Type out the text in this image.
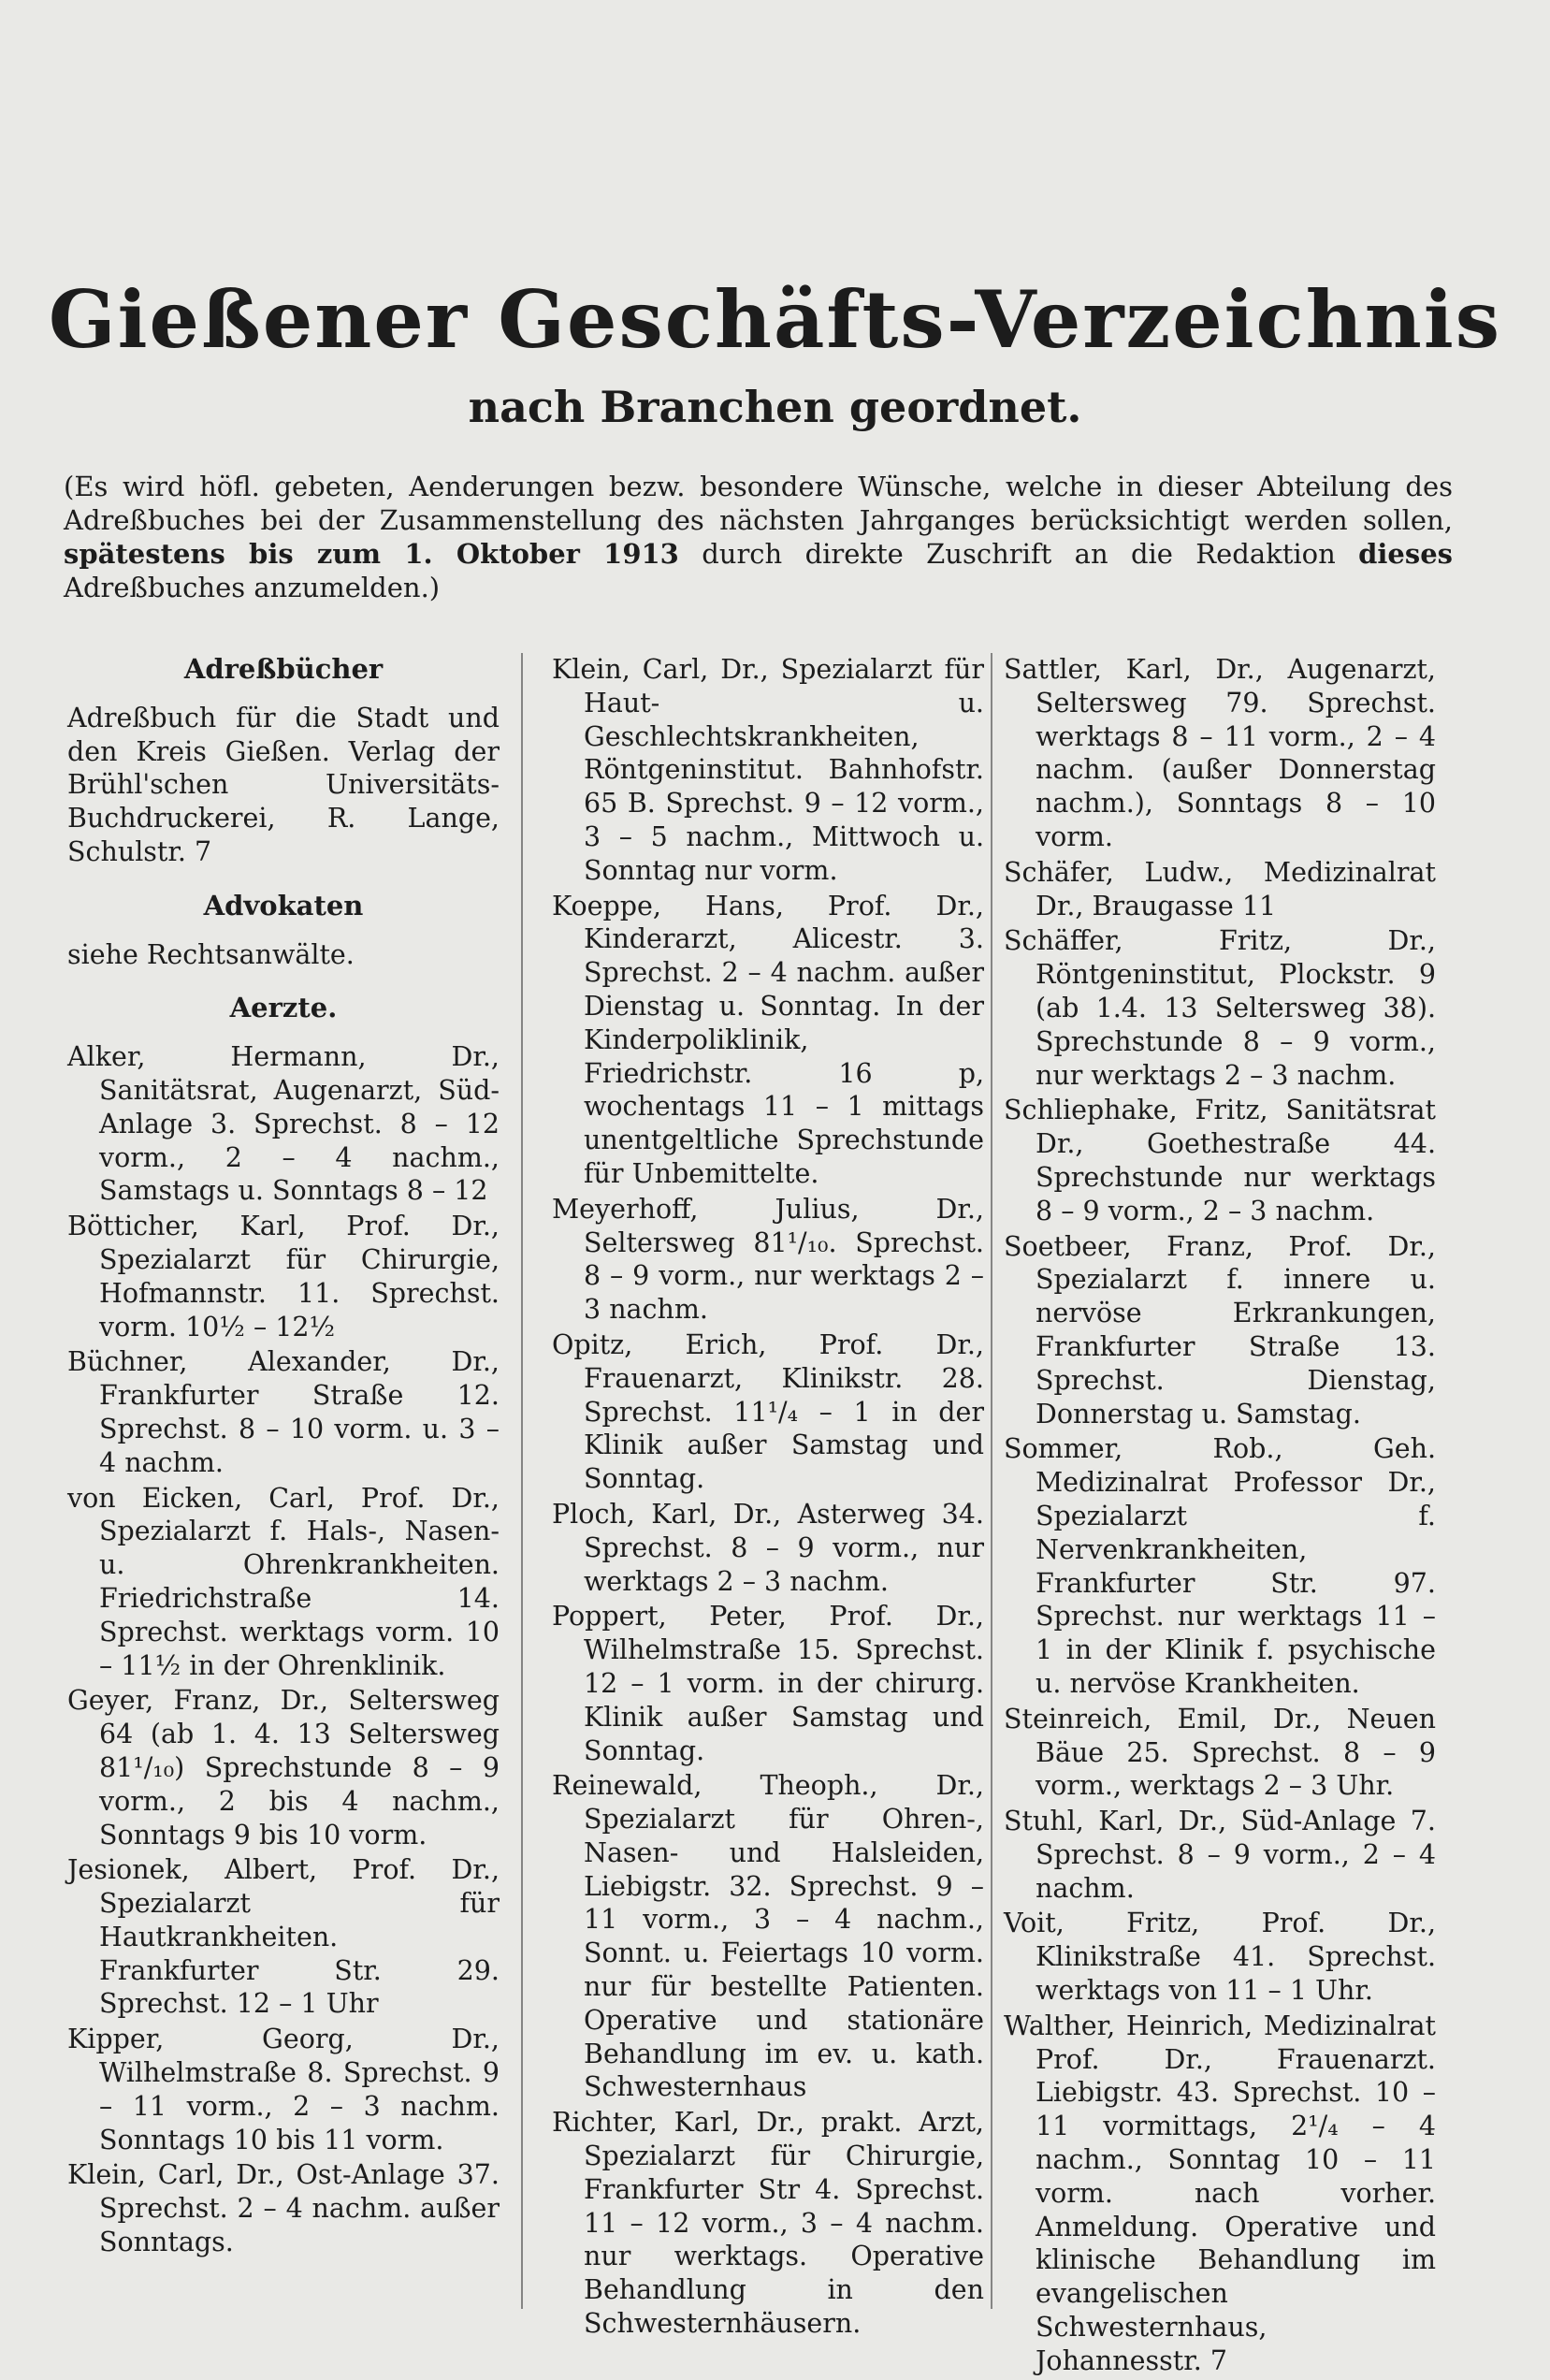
Gießener Geschäfts-Verzeichnis
nach Branchen geordnet.

(Es wird höfl. gebeten, Aenderungen bezw. besondere Wünsche, welche in dieser Abteilung des Adreßbuches bei der Zusammenstellung des nächsten Jahrganges berücksichtigt werden sollen, spätestens bis zum 1. Oktober 1913 durch direkte Zuschrift an die Redaktion dieses Adreßbuches anzumelden.)

Adreßbücher
Adreßbuch für die Stadt und den Kreis Gießen. Verlag der Brühl'schen Universitäts-Buchdruckerei, R. Lange, Schulstr. 7
Advokaten
siehe Rechtsanwälte.
Aerzte.
Alker, Hermann, Dr., Sanitätsrat, Augenarzt, Süd-Anlage 3. Sprechst. 8 – 12 vorm., 2 – 4 nachm., Samstags u. Sonntags 8 – 12
Böttiche​r, Karl, Prof. Dr., Spezialarzt für Chirurgie, Hofmannstr. 11. Sprechst. vorm. 10½ – 12½
Büchner, Alexander, Dr., Frankfurter Straße 12. Sprechst. 8 – 10 vorm. u. 3 – 4 nachm.
von Eicken, Carl, Prof. Dr., Spezialarzt f. Hals-, Nasen- u. Ohrenkrankheiten. Friedrichstraße 14. Sprechst. werktags vorm. 10 – 11½ in der Ohrenklinik.
Geyer, Franz, Dr., Seltersweg 64 (ab 1. 4. 13 Seltersweg 81¹/₁₀) Sprechstunde 8 – 9 vorm., 2 bis 4 nachm., Sonntags 9 bis 10 vorm.
Jesionek, Albert, Prof. Dr., Spezialarzt für Hautkrankheiten. Frankfurter Str. 29. Sprechst. 12 – 1 Uhr
Kipper, Georg, Dr., Wilhelmstraße 8. Sprechst. 9 – 11 vorm., 2 – 3 nachm. Sonntags 10 bis 11 vorm.
Klein, Carl, Dr., Ost-Anlage 37. Sprechst. 2 – 4 nachm. außer Sonntags.
Klein, Carl, Dr., Spezialarzt für Haut- u. Geschlechtskrankheiten, Röntgeninstitut. Bahnhofstr. 65 B. Sprechst. 9 – 12 vorm., 3 – 5 nachm., Mittwoch u. Sonntag nur vorm.
Koeppe, Hans, Prof. Dr., Kinderarzt, Alicestr. 3. Sprechst. 2 – 4 nachm. außer Dienstag u. Sonntag. In der Kinderpoliklinik, Friedrichstr. 16 p, wochentags 11 – 1 mittags unentgeltliche Sprechstunde für Unbemittelte.
Meyerhoff, Julius, Dr., Seltersweg 81¹/₁₀. Sprechst. 8 – 9 vorm., nur werktags 2 – 3 nachm.
Opitz, Erich, Prof. Dr., Frauenarzt, Klinikstr. 28. Sprechst. 11¹/₄ – 1 in der Klinik außer Samstag und Sonntag.
Ploch, Karl, Dr., Asterweg 34. Sprechst. 8 – 9 vorm., nur werktags 2 – 3 nachm.
Poppert, Peter, Prof. Dr., Wilhelmstraße 15. Sprechst. 12 – 1 vorm. in der chirurg. Klinik außer Samstag und Sonntag.
Reinewald, Theoph., Dr., Spezialarzt für Ohren-, Nasen- und Halsleiden, Liebigstr. 32. Sprechst. 9 – 11 vorm., 3 – 4 nachm., Sonnt. u. Feiertags 10 vorm. nur für bestellte Patienten. Operative und stationäre Behandlung im ev. u. kath. Schwesternhaus
Richter, Karl, Dr., prakt. Arzt, Spezialarzt für Chirurgie, Frankfurter Str 4. Sprechst. 11 – 12 vorm., 3 – 4 nachm. nur werktags. Operative Behandlung in den Schwesternhäusern.
Sattler, Karl, Dr., Augenarzt, Seltersweg 79. Sprechst. werktags 8 – 11 vorm., 2 – 4 nachm. (außer Donnerstag nachm.), Sonntags 8 – 10 vorm.
Schäfer, Ludw., Medizinalrat Dr., Braugasse 11
Schäffer, Fritz, Dr., Röntgeninstitut, Plockstr. 9 (ab 1.4. 13 Seltersweg 38). Sprechstunde 8 – 9 vorm., nur werktags 2 – 3 nachm.
Schliephake, Fritz, Sanitätsrat Dr., Goethestraße 44. Sprechstunde nur werktags 8 – 9 vorm., 2 – 3 nachm.
Soetbeer, Franz, Prof. Dr., Spezialarzt f. innere u. nervöse Erkrankungen, Frankfurter Straße 13. Sprechst. Dienstag, Donnerstag u. Samstag.
Sommer, Rob., Geh. Medizinalrat Professor Dr., Spezialarzt f. Nervenkrankheiten, Frankfurter Str. 97. Sprechst. nur werktags 11 – 1 in der Klinik f. psychische u. nervöse Krankheiten.
Steinreich, Emil, Dr., Neuen Bäue 25. Sprechst. 8 – 9 vorm., werktags 2 – 3 Uhr.
Stuhl, Karl, Dr., Süd-Anlage 7. Sprechst. 8 – 9 vorm., 2 – 4 nachm.
Voit, Fritz, Prof. Dr., Klinikstraße 41. Sprechst. werktags von 11 – 1 Uhr.
Walther, Heinrich, Medizinalrat Prof. Dr., Frauenarzt. Liebigstr. 43. Sprechst. 10 – 11 vormittags, 2¹/₄ – 4 nachm., Sonntag 10 – 11 vorm. nach vorher. Anmeldung. Operative und klinische Behandlung im evangelischen Schwesternhaus, Johannesstr. 7
